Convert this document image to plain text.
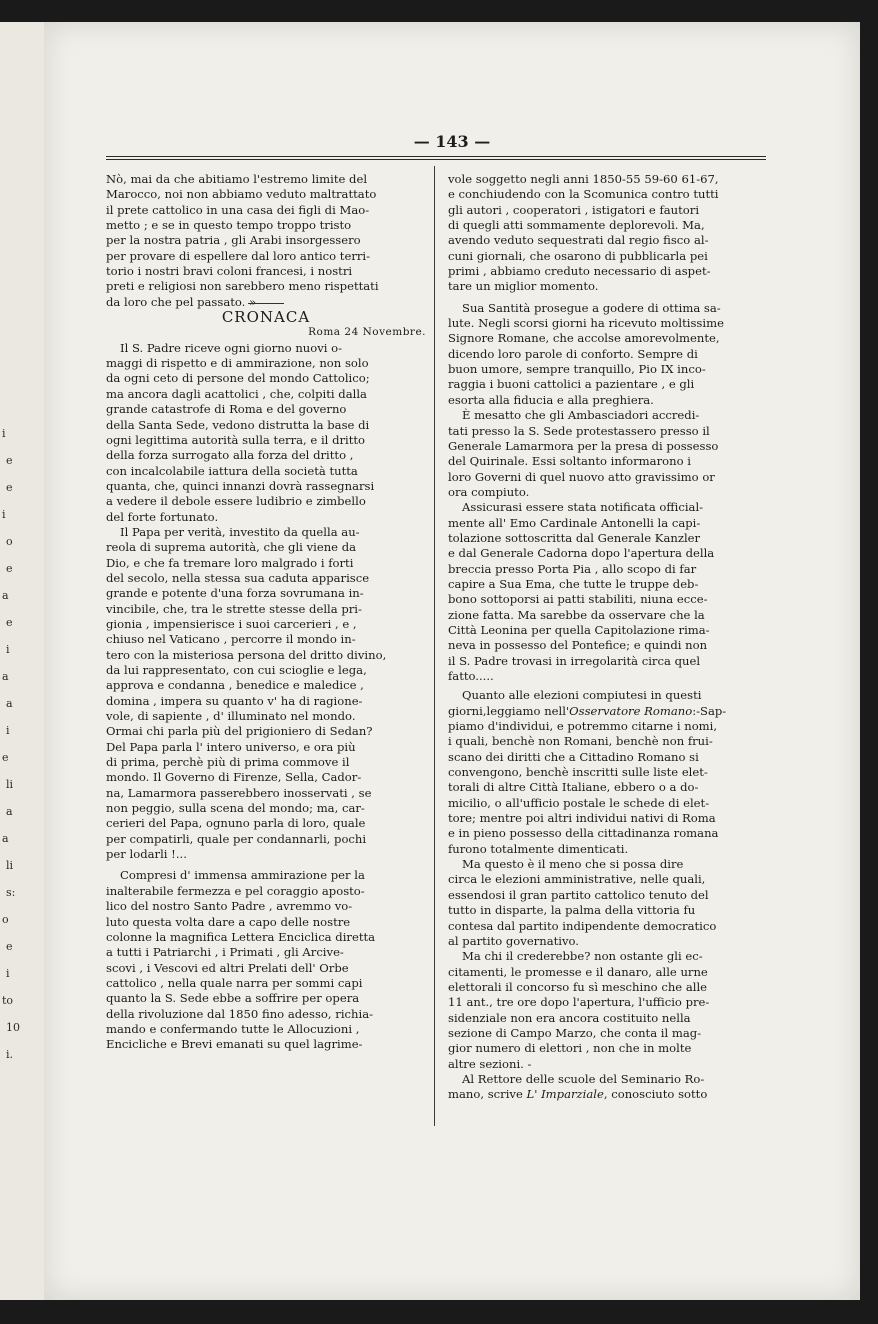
i
e
e
i
o
e
a
e
i
a
a
i
e
li
a
a
li
s:
o
e
i
to
10
i.
— 143 —

Nò, mai da che abitiamo l'estremo limite del
Marocco, noi non abbiamo veduto maltrattato
il prete cattolico in una casa dei figli di Mao-
metto ; e se in questo tempo troppo tristo
per la nostra patria , gli Arabi insorgessero
per provare di espellere dal loro antico terri-
torio i nostri bravi coloni francesi, i nostri
preti e religiosi non sarebbero meno rispettati
da loro che pel passato. »

CRONACA

Roma 24 Novembre.

Il S. Padre riceve ogni giorno nuovi o-
maggi di rispetto e di ammirazione, non solo
da ogni ceto di persone del mondo Cattolico;
ma ancora dagli acattolici , che, colpiti dalla
grande catastrofe di Roma e del governo
della Santa Sede, vedono distrutta la base di
ogni legittima autorità sulla terra, e il dritto
della forza surrogato alla forza del dritto ,
con incalcolabile iattura della società tutta
quanta, che, quinci innanzi dovrà rassegnarsi
a vedere il debole essere ludibrio e zimbello
del forte fortunato.

Il Papa per verità, investito da quella au-
reola di suprema autorità, che gli viene da
Dio, e che fa tremare loro malgrado i forti
del secolo, nella stessa sua caduta apparisce
grande e potente d'una forza sovrumana in-
vincibile, che, tra le strette stesse della pri-
gionia , impensierisce i suoi carcerieri , e ,
chiuso nel Vaticano , percorre il mondo in-
tero con la misteriosa persona del dritto divino,
da lui rappresentato, con cui scioglie e lega,
approva e condanna , benedice e maledice ,
domina , impera su quanto v' ha di ragione-
vole, di sapiente , d' illuminato nel mondo.
Ormai chi parla più del prigioniero di Sedan?
Del Papa parla l' intero universo, e ora più
di prima, perchè più di prima commove il
mondo. Il Governo di Firenze, Sella, Cador-
na, Lamarmora passerebbero inosservati , se
non peggio, sulla scena del mondo; ma, car-
cerieri del Papa, ognuno parla di loro, quale
per compatirli, quale per condannarli, pochi
per lodarli !...

Compresi d' immensa ammirazione per la
inalterabile fermezza e pel coraggio aposto-
lico del nostro Santo Padre , avremmo vo-
luto questa volta dare a capo delle nostre
colonne la magnifica Lettera Enciclica diretta
a tutti i Patriarchi , i Primati , gli Arcive-
scovi , i Vescovi ed altri Prelati dell' Orbe
cattolico , nella quale narra per sommi capi
quanto la S. Sede ebbe a soffrire per opera
della rivoluzione dal 1850 fino adesso, richia-
mando e confermando tutte le Allocuzioni ,
Encicliche e Brevi emanati su quel lagrime-

vole soggetto negli anni 1850-55 59-60 61-67,
e conchiudendo con la Scomunica contro tutti
gli autori , cooperatori , istigatori e fautori
di quegli atti sommamente deplorevoli. Ma,
avendo veduto sequestrati dal regio fisco al-
cuni giornali, che osarono di pubblicarla pei
primi , abbiamo creduto necessario di aspet-
tare un miglior momento.

Sua Santità prosegue a godere di ottima sa-
lute. Negli scorsi giorni ha ricevuto moltissime
Signore Romane, che accolse amorevolmente,
dicendo loro parole di conforto. Sempre di
buon umore, sempre tranquillo, Pio IX inco-
raggia i buoni cattolici a pazientare , e gli
esorta alla fiducia e alla preghiera.

È mesatto che gli Ambasciadori accredi-
tati presso la S. Sede protestassero presso il
Generale Lamarmora per la presa di possesso
del Quirinale. Essi soltanto informarono i
loro Governi di quel nuovo atto gravissimo or
ora compiuto.

Assicurasi essere stata notificata official-
mente all' Emo Cardinale Antonelli la capi-
tolazione sottoscritta dal Generale Kanzler
e dal Generale Cadorna dopo l'apertura della
breccia presso Porta Pia , allo scopo di far
capire a Sua Ema, che tutte le truppe deb-
bono sottoporsi ai patti stabiliti, niuna ecce-
zione fatta. Ma sarebbe da osservare che la
Città Leonina per quella Capitolazione rima-
neva in possesso del Pontefice; e quindi non
il S. Padre trovasi in irregolarità circa quel
fatto.....

Quanto alle elezioni compiutesi in questi
giorni,leggiamo nell'Osservatore Romano:-Sap-
piamo d'individui, e potremmo citarne i nomi,
i quali, benchè non Romani, benchè non frui-
scano dei diritti che a Cittadino Romano si
convengono, benchè inscritti sulle liste elet-
torali di altre Città Italiane, ebbero o a do-
micilio, o all'ufficio postale le schede di elet-
tore; mentre poi altri individui nativi di Roma
e in pieno possesso della cittadinanza romana
furono totalmente dimenticati.

Ma questo è il meno che si possa dire
circa le elezioni amministrative, nelle quali,
essendosi il gran partito cattolico tenuto del
tutto in disparte, la palma della vittoria fu
contesa dal partito indipendente democratico
al partito governativo.

Ma chi il crederebbe? non ostante gli ec-
citamenti, le promesse e il danaro, alle urne
elettorali il concorso fu sì meschino che alle
11 ant., tre ore dopo l'apertura, l'ufficio pre-
sidenziale non era ancora costituito nella
sezione di Campo Marzo, che conta il mag-
gior numero di elettori , non che in molte
altre sezioni. -

Al Rettore delle scuole del Seminario Ro-
mano, scrive L' Imparziale, conosciuto sotto
